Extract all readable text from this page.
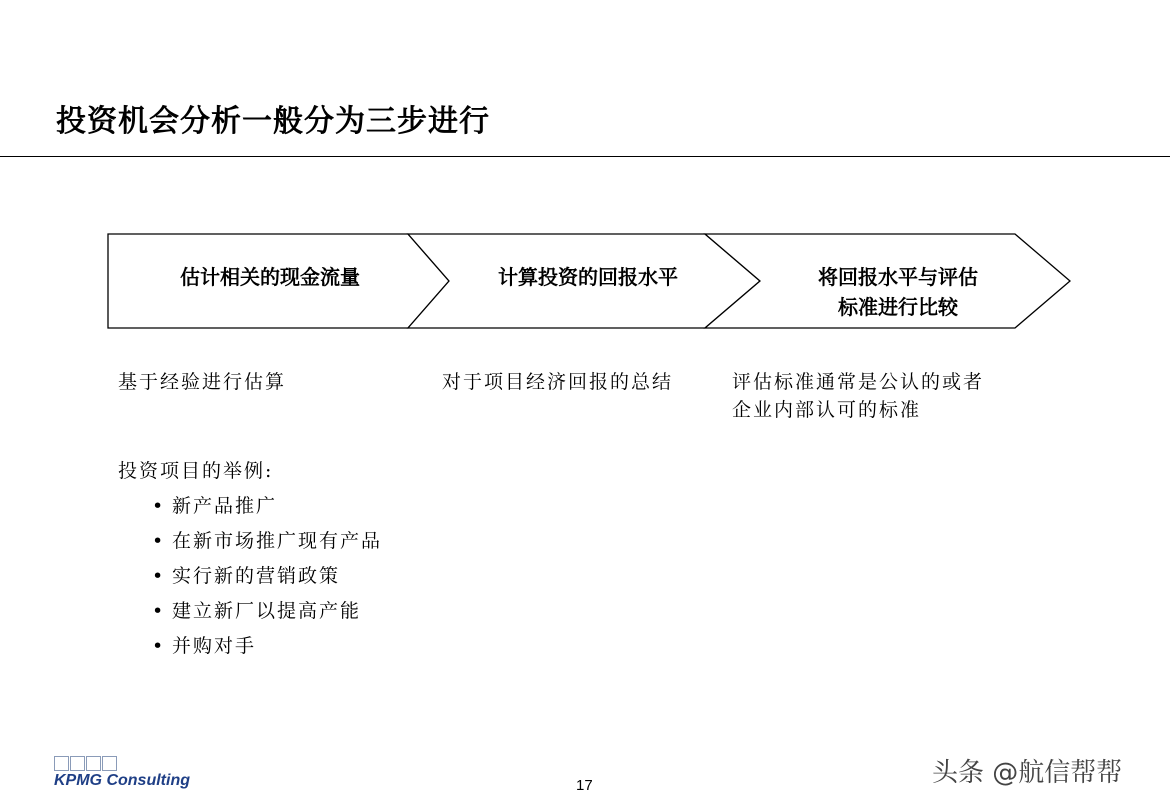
投资机会分析一般分为三步进行
估计相关的现金流量	计算投资的回报水平	将回报水平与评估
标准进行比较
基于经验进行估算	对于项目经济回报的总结	评估标准通常是公认的或者企业内部认可的标准
投资项目的举例:
• 新产品推广
• 在新市场推广现有产品
• 实行新的营销政策
• 建立新厂以提高产能
• 并购对手
KPMG Consulting	17	头条 @航信帮帮
